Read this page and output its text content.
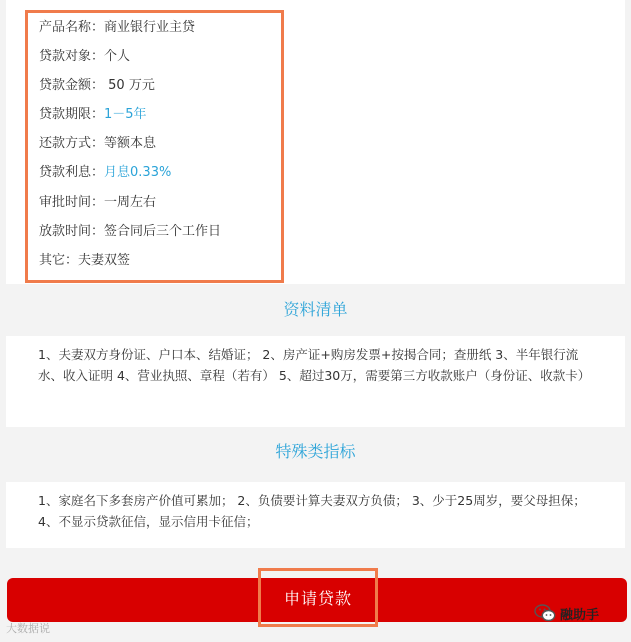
产品名称：商业银行业主贷
贷款对象：个人
贷款金额： 50 万元
贷款期限：1－5年
还款方式：等额本息
贷款利息：月息0.33%
审批时间：一周左右
放款时间：签合同后三个工作日
其它：夫妻双签
资料清单

1、夫妻双方身份证、户口本、结婚证； 2、房产证+购房发票+按揭合同；查册纸 3、半年银行流水、收入证明 4、营业执照、章程（若有） 5、超过30万，需要第三方收款账户（身份证、收款卡）

特殊类指标

1、家庭名下多套房产价值可累加； 2、负债要计算夫妻双方负债； 3、少于25周岁，要父母担保； 4、不显示贷款征信，显示信用卡征信；

申请贷款
大数据说
融助手
